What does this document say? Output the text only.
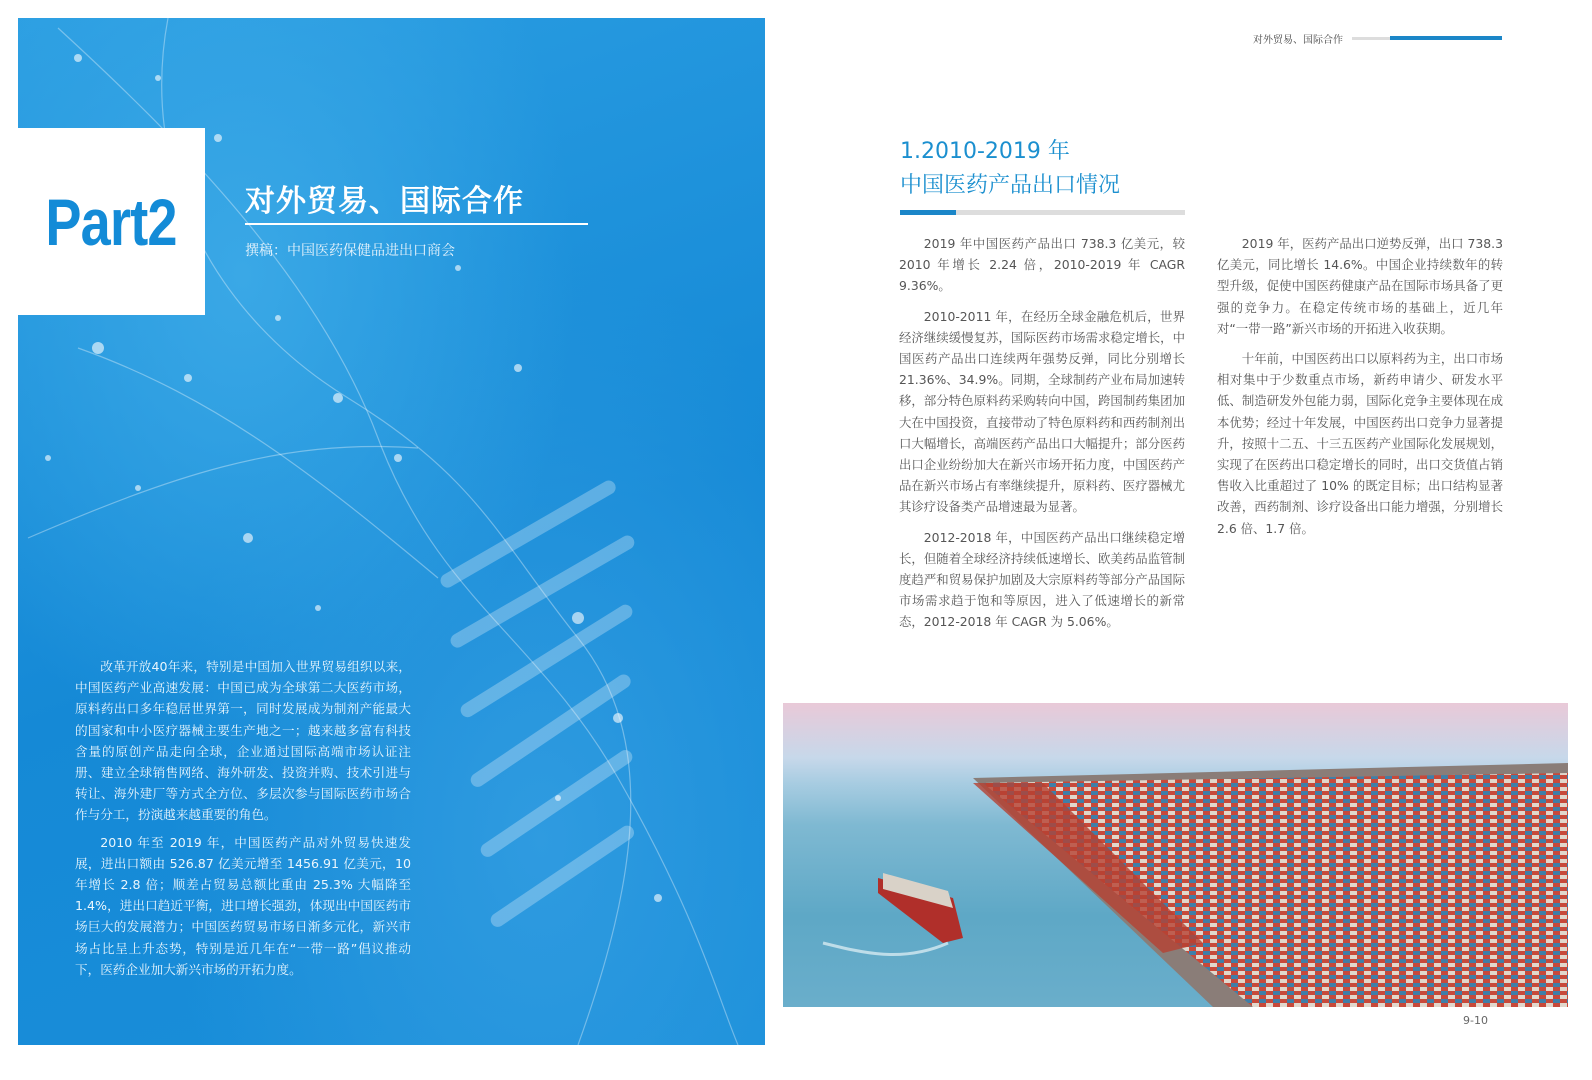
Part2 对外贸易、国际合作
撰稿：中国医药保健品进出口商会

改革开放40年来，特别是中国加入世界贸易组织以来，中国医药产业高速发展：中国已成为全球第二大医药市场，原料药出口多年稳居世界第一，同时发展成为制剂产能最大的国家和中小医疗器械主要生产地之一；越来越多富有科技含量的原创产品走向全球，企业通过国际高端市场认证注册、建立全球销售网络、海外研发、投资并购、技术引进与转让、海外建厂等方式全方位、多层次参与国际医药市场合作与分工，扮演越来越重要的角色。

2010 年至 2019 年，中国医药产品对外贸易快速发展，进出口额由 526.87 亿美元增至 1456.91 亿美元，10 年增长 2.8 倍；顺差占贸易总额比重由 25.3% 大幅降至 1.4%，进出口趋近平衡，进口增长强劲，体现出中国医药市场巨大的发展潜力；中国医药贸易市场日渐多元化，新兴市场占比呈上升态势，特别是近几年在“一带一路”倡议推动下，医药企业加大新兴市场的开拓力度。

对外贸易、国际合作
1.2010-2019 年
中国医药产品出口情况

2019 年中国医药产品出口 738.3 亿美元，较 2010 年增长 2.24 倍，2010-2019 年 CAGR 9.36%。

2010-2011 年，在经历全球金融危机后，世界经济继续缓慢复苏，国际医药市场需求稳定增长，中国医药产品出口连续两年强势反弹，同比分别增长 21.36%、34.9%。同期，全球制药产业布局加速转移，部分特色原料药采购转向中国，跨国制药集团加大在中国投资，直接带动了特色原料药和西药制剂出口大幅增长，高端医药产品出口大幅提升；部分医药出口企业纷纷加大在新兴市场开拓力度，中国医药产品在新兴市场占有率继续提升，原料药、医疗器械尤其诊疗设备类产品增速最为显著。

2012-2018 年，中国医药产品出口继续稳定增长，但随着全球经济持续低速增长、欧美药品监管制度趋严和贸易保护加剧及大宗原料药等部分产品国际市场需求趋于饱和等原因，进入了低速增长的新常态，2012-2018 年 CAGR 为 5.06%。

2019 年，医药产品出口逆势反弹，出口 738.3 亿美元，同比增长 14.6%。中国企业持续数年的转型升级，促使中国医药健康产品在国际市场具备了更强的竞争力。在稳定传统市场的基础上，近几年对“一带一路”新兴市场的开拓进入收获期。

十年前，中国医药出口以原料药为主，出口市场相对集中于少数重点市场，新药申请少、研发水平低、制造研发外包能力弱，国际化竞争主要体现在成本优势；经过十年发展，中国医药出口竞争力显著提升，按照十二五、十三五医药产业国际化发展规划，实现了在医药出口稳定增长的同时，出口交货值占销售收入比重超过了 10% 的既定目标；出口结构显著改善，西药制剂、诊疗设备出口能力增强，分别增长 2.6 倍、1.7 倍。

9-10
